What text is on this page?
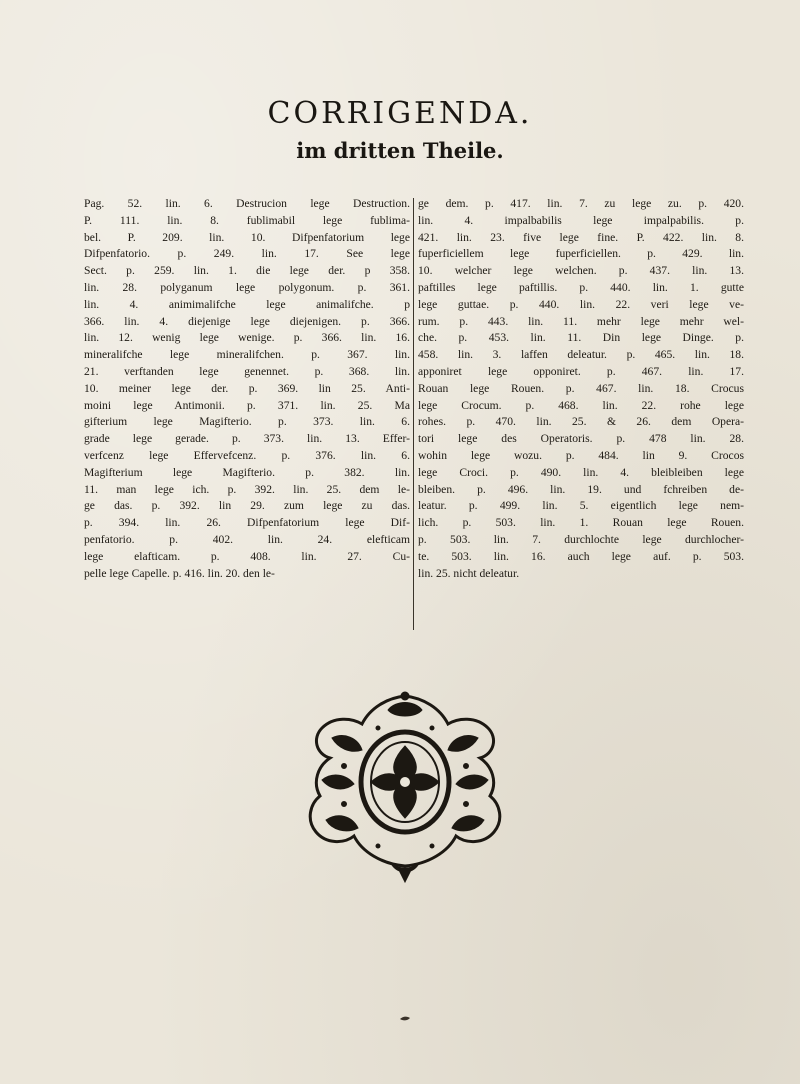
CORRIGENDA.
im dritten Theile.
Pag. 52. lin. 6. Destrucion lege Destruction.
P. 111. lin. 8. fublimabil lege fublima-
bel. P. 209. lin. 10. Difpenfatorium lege
Difpenfatorio. p. 249. lin. 17. See lege
Sect. p. 259. lin. 1. die lege der. p 358.
lin. 28. polyganum lege polygonum. p. 361.
lin. 4. animimalifche lege animalifche. p
366. lin. 4. diejenige lege diejenigen. p. 366.
lin. 12. wenig lege wenige. p. 366. lin. 16.
mineralifche lege mineralifchen. p. 367. lin.
21. verftanden lege genennet. p. 368. lin.
10. meiner lege der. p. 369. lin 25. Anti-
moini lege Antimonii. p. 371. lin. 25. Ma
gifterium lege Magifterio. p. 373. lin. 6.
grade lege gerade. p. 373. lin. 13. Effer-
verfcenz lege Effervefcenz. p. 376. lin. 6.
Magifterium lege Magifterio. p. 382. lin.
11. man lege ich. p. 392. lin. 25. dem le-
ge das. p. 392. lin 29. zum lege zu das.
p. 394. lin. 26. Difpenfatorium lege Dif-
penfatorio. p. 402. lin. 24. elefticam
lege elafticam. p. 408. lin. 27. Cu-
pelle lege Capelle. p. 416. lin. 20. den le-
ge dem. p. 417. lin. 7. zu lege zu. p. 420.
lin. 4. impalbabilis lege impalpabilis. p.
421. lin. 23. five lege fine. P. 422. lin. 8.
fuperficiellem lege fuperficiellen. p. 429. lin.
10. welcher lege welchen. p. 437. lin. 13.
paftilles lege paftillis. p. 440. lin. 1. gutte
lege guttae. p. 440. lin. 22. veri lege ve-
rum. p. 443. lin. 11. mehr lege mehr wel-
che. p. 453. lin. 11. Din lege Dinge. p.
458. lin. 3. laffen deleatur. p. 465. lin. 18.
apponiret lege opponiret. p. 467. lin. 17.
Rouan lege Rouen. p. 467. lin. 18. Crocus
lege Crocum. p. 468. lin. 22. rohe lege
rohes. p. 470. lin. 25. & 26. dem Opera-
tori lege des Operatoris. p. 478 lin. 28.
wohin lege wozu. p. 484. lin 9. Crocos
lege Croci. p. 490. lin. 4. bleibleiben lege
bleiben. p. 496. lin. 19. und fchreiben de-
leatur. p. 499. lin. 5. eigentlich lege nem-
lich. p. 503. lin. 1. Rouan lege Rouen.
p. 503. lin. 7. durchlochte lege durchlocher-
te. 503. lin. 16. auch lege auf. p. 503.
lin. 25. nicht deleatur.
